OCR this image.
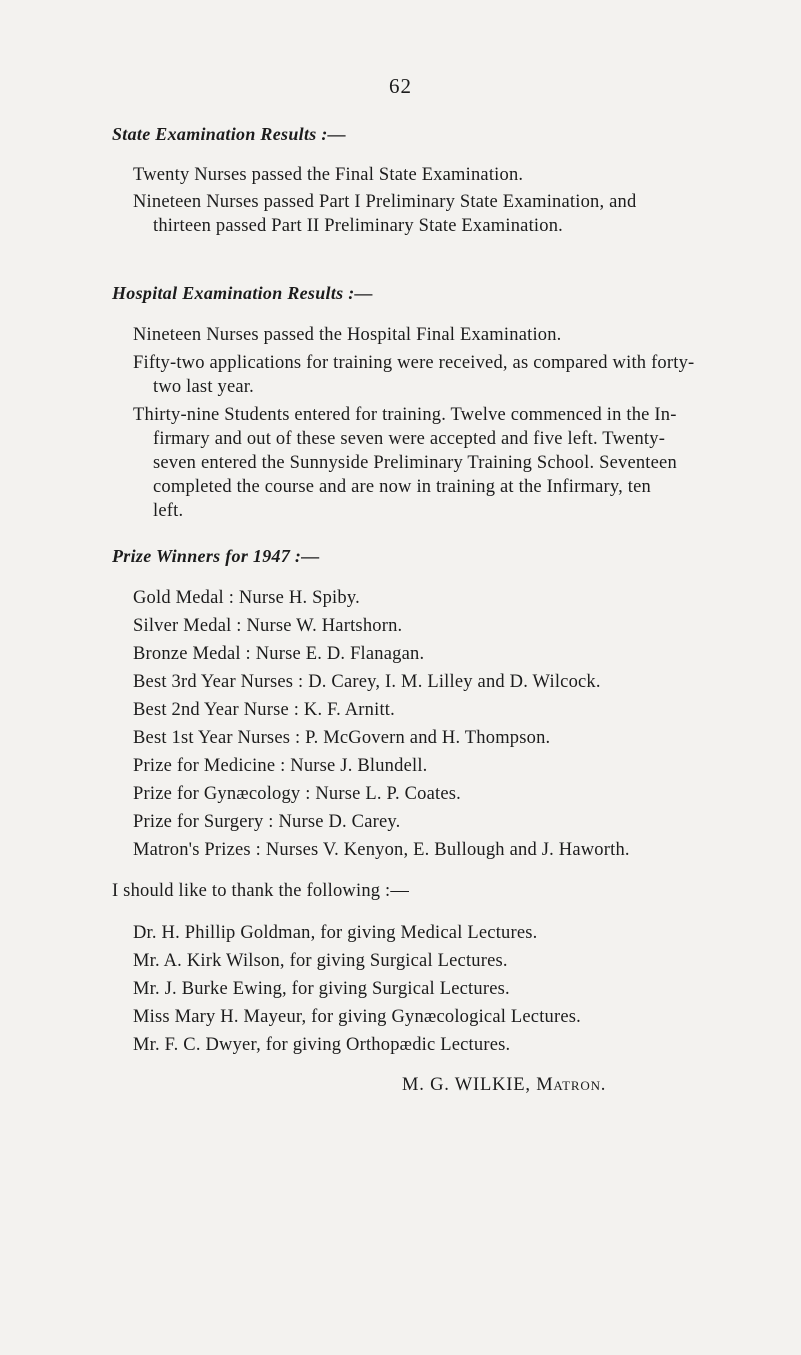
62
State Examination Results :—
Twenty Nurses passed the Final State Examination.
Nineteen Nurses passed Part I Preliminary State Examination, and
thirteen passed Part II Preliminary State Examination.
Hospital Examination Results :—
Nineteen Nurses passed the Hospital Final Examination.
Fifty-two applications for training were received, as compared with forty-
two last year.
Thirty-nine Students entered for training. Twelve commenced in the In-
firmary and out of these seven were accepted and five left. Twenty-
seven entered the Sunnyside Preliminary Training School. Seventeen
completed the course and are now in training at the Infirmary, ten
left.
Prize Winners for 1947 :—
Gold Medal : Nurse H. Spiby.
Silver Medal : Nurse W. Hartshorn.
Bronze Medal : Nurse E. D. Flanagan.
Best 3rd Year Nurses : D. Carey, I. M. Lilley and D. Wilcock.
Best 2nd Year Nurse : K. F. Arnitt.
Best 1st Year Nurses : P. McGovern and H. Thompson.
Prize for Medicine : Nurse J. Blundell.
Prize for Gynæcology : Nurse L. P. Coates.
Prize for Surgery : Nurse D. Carey.
Matron's Prizes : Nurses V. Kenyon, E. Bullough and J. Haworth.
I should like to thank the following :—
Dr. H. Phillip Goldman, for giving Medical Lectures.
Mr. A. Kirk Wilson, for giving Surgical Lectures.
Mr. J. Burke Ewing, for giving Surgical Lectures.
Miss Mary H. Mayeur, for giving Gynæcological Lectures.
Mr. F. C. Dwyer, for giving Orthopædic Lectures.
M. G. WILKIE, Matron.
